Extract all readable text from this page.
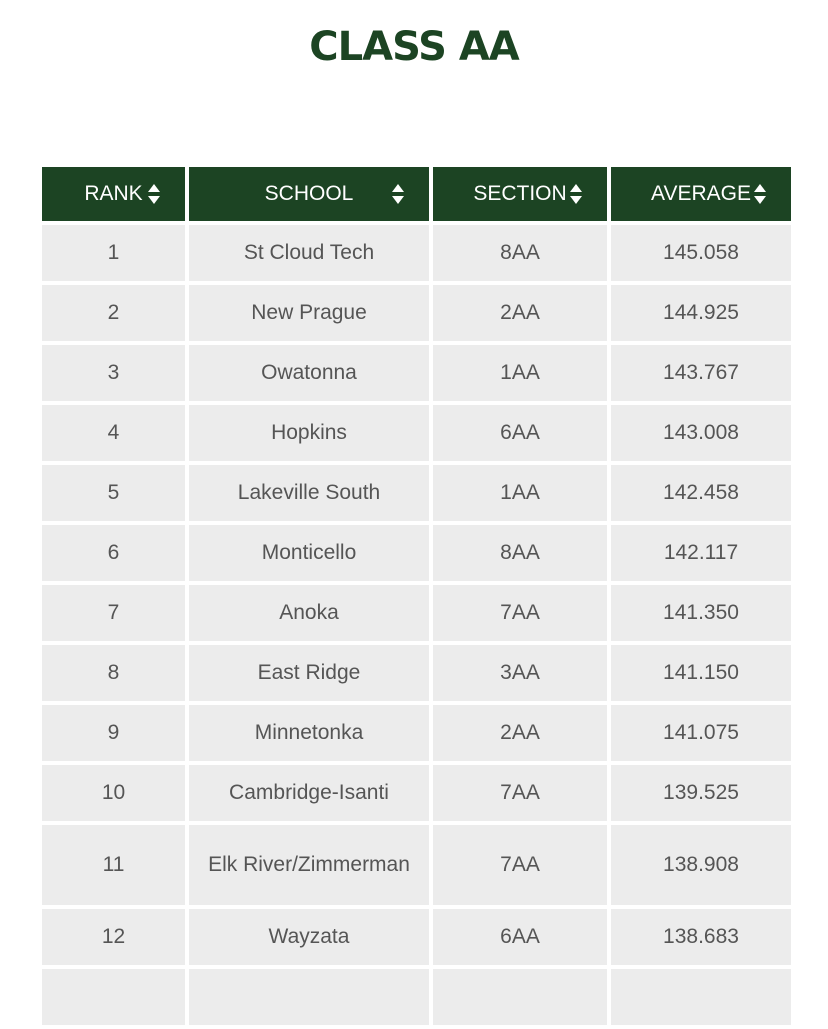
CLASS AA
RANK	SCHOOL	SECTION	AVERAGE

1	St Cloud Tech	8AA	145.058
2	New Prague	2AA	144.925
3	Owatonna	1AA	143.767
4	Hopkins	6AA	143.008
5	Lakeville South	1AA	142.458
6	Monticello	8AA	142.117
7	Anoka	7AA	141.350
8	East Ridge	3AA	141.150
9	Minnetonka	2AA	141.075
10	Cambridge-Isanti	7AA	139.525
11	Elk River/Zimmerman	7AA	138.908
12	Wayzata	6AA	138.683
